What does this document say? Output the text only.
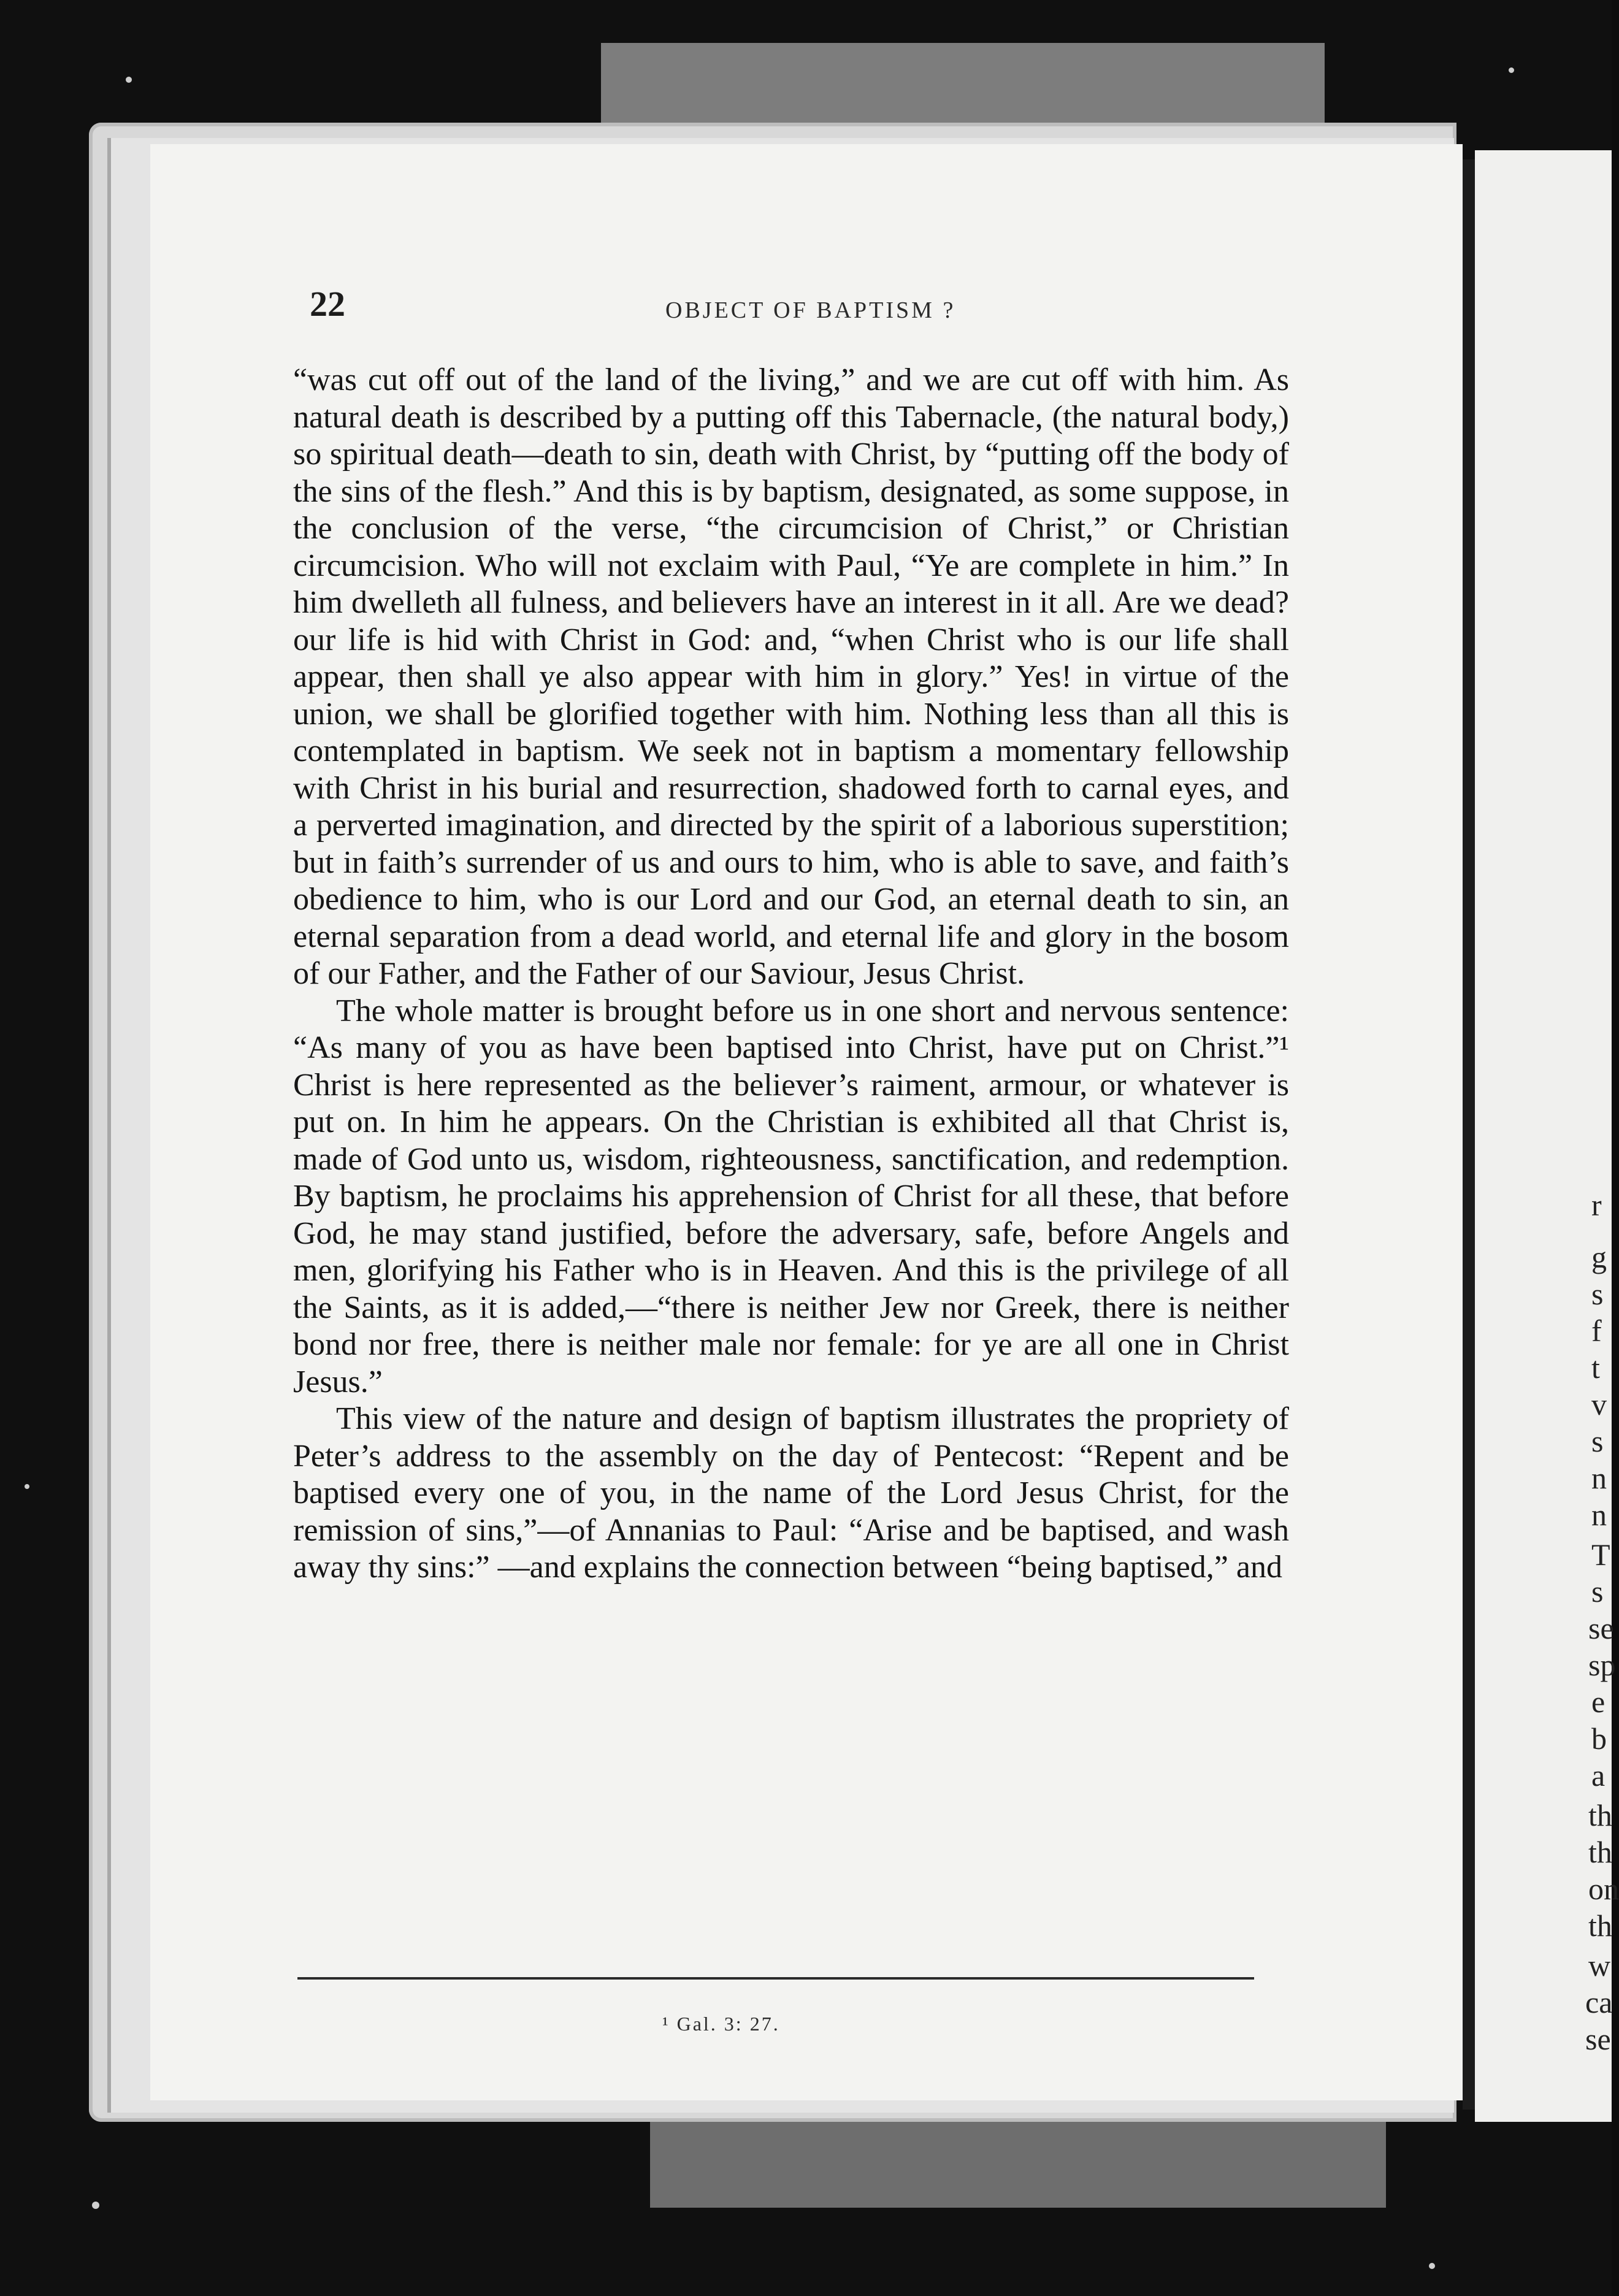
r
g
s
f
t
v
s
n
n
T
s
se
sp
e
b
a
th
th
on
th
w
ca
se
22	OBJECT OF BAPTISM ?

“was cut off out of the land of the living,” and we are cut off with him. As natural death is described by a putting off this Tabernacle, (the natural body,) so spiritual death—death to sin, death with Christ, by “putting off the body of the sins of the flesh.” And this is by baptism, designated, as some suppose, in the conclusion of the verse, “the circumcision of Christ,” or Christian circumcision. Who will not exclaim with Paul, “Ye are complete in him.” In him dwelleth all fulness, and believers have an interest in it all. Are we dead? our life is hid with Christ in God: and, “when Christ who is our life shall appear, then shall ye also appear with him in glory.” Yes! in virtue of the union, we shall be glorified together with him. Nothing less than all this is contemplated in baptism. We seek not in baptism a momentary fellowship with Christ in his burial and resurrection, shadowed forth to carnal eyes, and a perverted imagination, and directed by the spirit of a laborious superstition; but in faith’s surrender of us and ours to him, who is able to save, and faith’s obedience to him, who is our Lord and our God, an eternal death to sin, an eternal separation from a dead world, and eternal life and glory in the bosom of our Father, and the Father of our Saviour, Jesus Christ.

The whole matter is brought before us in one short and nervous sentence: “As many of you as have been baptised into Christ, have put on Christ.”¹ Christ is here represented as the believer’s raiment, armour, or whatever is put on. In him he appears. On the Christian is exhibited all that Christ is, made of God unto us, wisdom, righteousness, sanctification, and redemption. By baptism, he proclaims his apprehension of Christ for all these, that before God, he may stand justified, before the adversary, safe, before Angels and men, glorifying his Father who is in Heaven. And this is the privilege of all the Saints, as it is added,—“there is neither Jew nor Greek, there is neither bond nor free, there is neither male nor female: for ye are all one in Christ Jesus.”

This view of the nature and design of baptism illustrates the propriety of Peter’s address to the assembly on the day of Pentecost: “Repent and be baptised every one of you, in the name of the Lord Jesus Christ, for the remission of sins,”—of Annanias to Paul: “Arise and be baptised, and wash away thy sins:” —and explains the connection between “being baptised,” and

¹ Gal. 3: 27.
